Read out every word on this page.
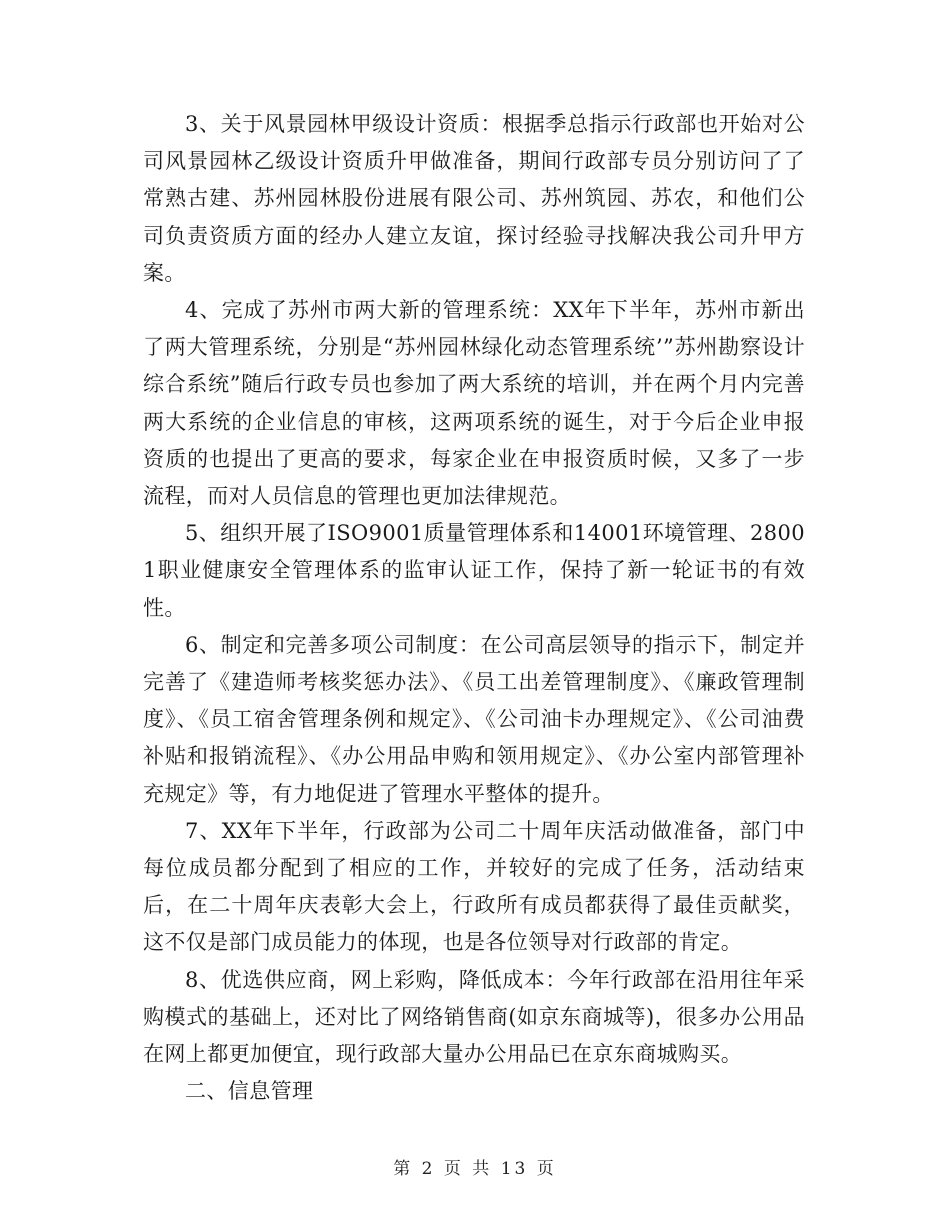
3、关于风景园林甲级设计资质：根据季总指示行政部也开始对公司风景园林乙级设计资质升甲做准备，期间行政部专员分别访问了了常熟古建、苏州园林股份进展有限公司、苏州筑园、苏农，和他们公司负责资质方面的经办人建立友谊，探讨经验寻找解决我公司升甲方案。

4、完成了苏州市两大新的管理系统：XX年下半年，苏州市新出了两大管理系统，分别是“苏州园林绿化动态管理系统’”苏州勘察设计综合系统”随后行政专员也参加了两大系统的培训，并在两个月内完善两大系统的企业信息的审核，这两项系统的诞生，对于今后企业申报资质的也提出了更高的要求，每家企业在申报资质时候，又多了一步流程，而对人员信息的管理也更加法律规范。

5、组织开展了ISO9001质量管理体系和14001环境管理、28001职业健康安全管理体系的监审认证工作，保持了新一轮证书的有效性。

6、制定和完善多项公司制度：在公司高层领导的指示下，制定并完善了《建造师考核奖惩办法》、《员工出差管理制度》、《廉政管理制度》、《员工宿舍管理条例和规定》、《公司油卡办理规定》、《公司油费补贴和报销流程》、《办公用品申购和领用规定》、《办公室内部管理补充规定》等，有力地促进了管理水平整体的提升。

7、XX年下半年，行政部为公司二十周年庆活动做准备，部门中每位成员都分配到了相应的工作，并较好的完成了任务，活动结束后，在二十周年庆表彰大会上，行政所有成员都获得了最佳贡献奖，这不仅是部门成员能力的体现，也是各位领导对行政部的肯定。

8、优选供应商，网上彩购，降低成本：今年行政部在沿用往年采购模式的基础上，还对比了网络销售商(如京东商城等)，很多办公用品在网上都更加便宜，现行政部大量办公用品已在京东商城购买。

二、信息管理

第 2 页 共 13 页
